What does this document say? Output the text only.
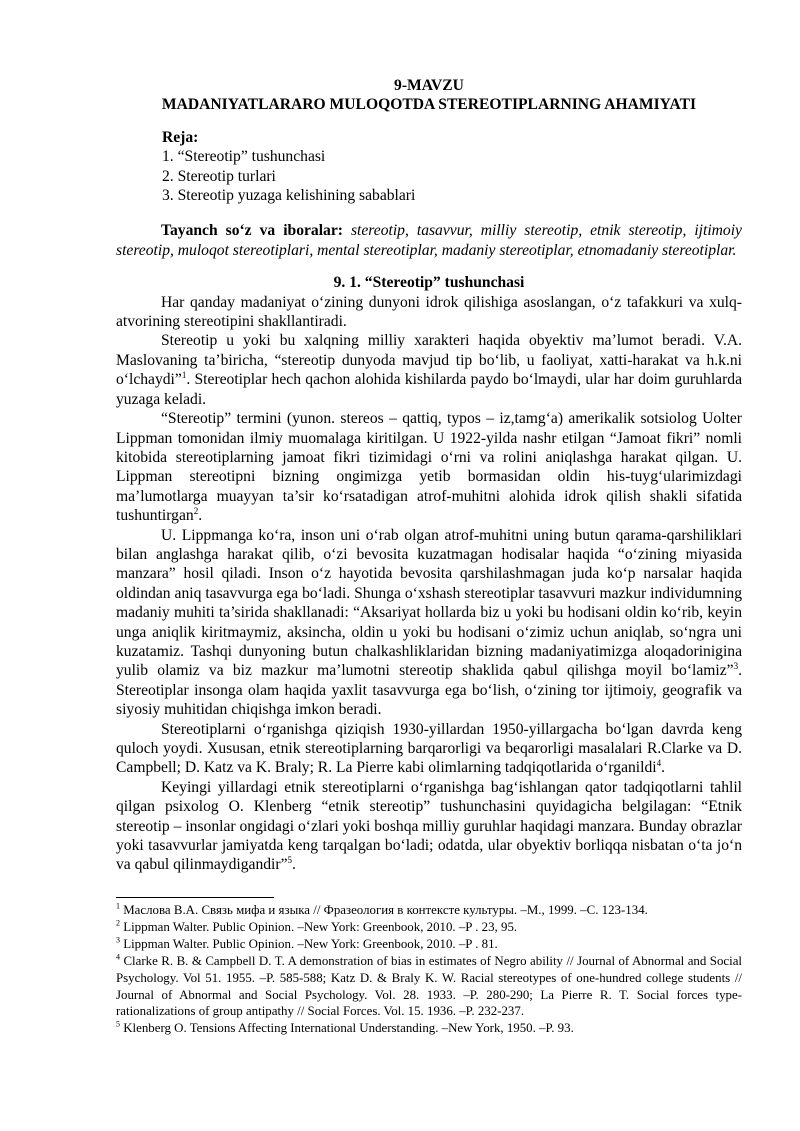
9-MAVZU

MADANIYATLARARO MULOQOTDA STEREOTIPLARNING AHAMIYATI

Reja:

1. “Stereotip” tushunchasi

2. Stereotip turlari

3. Stereotip yuzaga kelishining sabablari

Tayanch so‘z va iboralar: stereotip, tasavvur, milliy stereotip, etnik stereotip, ijtimoiy stereotip, muloqot stereotiplari, mental stereotiplar, madaniy stereotiplar, etnomadaniy stereotiplar.

9. 1. “Stereotip” tushunchasi

Har qanday madaniyat o‘zining dunyoni idrok qilishiga asoslangan, o‘z tafakkuri va xulq-atvorining stereotipini shakllantiradi.

Stereotip u yoki bu xalqning milliy xarakteri haqida obyektiv ma’lumot beradi. V.A. Maslovaning ta’biricha, “stereotip dunyoda mavjud tip bo‘lib, u faoliyat, xatti-harakat va h.k.ni o‘lchaydi”$^1$. Stereotiplar hech qachon alohida kishilarda paydo bo‘lmaydi, ular har doim guruhlarda yuzaga keladi.

“Stereotip” termini (yunon. stereos – qattiq, typos – iz,tamg‘a) amerikalik sotsiolog Uolter Lippman tomonidan ilmiy muomalaga kiritilgan. U 1922-yilda nashr etilgan “Jamoat fikri” nomli kitobida stereotiplarning jamoat fikri tizimidagi o‘rni va rolini aniqlashga harakat qilgan. U. Lippman stereotipni bizning ongimizga yetib bormasidan oldin his-tuyg‘ularimizdagi ma’lumotlarga muayyan ta’sir ko‘rsatadigan atrof-muhitni alohida idrok qilish shakli sifatida tushuntirgan$^2$.

U. Lippmanga ko‘ra, inson uni o‘rab olgan atrof-muhitni uning butun qarama-qarshiliklari bilan anglashga harakat qilib, o‘zi bevosita kuzatmagan hodisalar haqida “o‘zining miyasida manzara” hosil qiladi. Inson o‘z hayotida bevosita qarshilashmagan juda ko‘p narsalar haqida oldindan aniq tasavvurga ega bo‘ladi. Shunga o‘xshash stereotiplar tasavvuri mazkur individumning madaniy muhiti ta’sirida shakllanadi: “Aksariyat hollarda biz u yoki bu hodisani oldin ko‘rib, keyin unga aniqlik kiritmaymiz, aksincha, oldin u yoki bu hodisani o‘zimiz uchun aniqlab, so‘ngra uni kuzatamiz. Tashqi dunyoning butun chalkashliklaridan bizning madaniyatimizga aloqadorinigina yulib olamiz va biz mazkur ma’lumotni stereotip shaklida qabul qilishga moyil bo‘lamiz”$^3$. Stereotiplar insonga olam haqida yaxlit tasavvurga ega bo‘lish, o‘zining tor ijtimoiy, geografik va siyosiy muhitidan chiqishga imkon beradi.

Stereotiplarni o‘rganishga qiziqish 1930-yillardan 1950-yillargacha bo‘lgan davrda keng quloch yoydi. Xususan, etnik stereotiplarning barqarorligi va beqarorligi masalalari R.Clarke va D. Campbell; D. Katz va K. Braly; R. La Pierre kabi olimlarning tadqiqotlarida o‘rganildi$^4$.

Keyingi yillardagi etnik stereotiplarni o‘rganishga bag‘ishlangan qator tadqiqotlarni tahlil qilgan psixolog O. Klenberg “etnik stereotip” tushunchasini quyidagicha belgilagan: “Etnik stereotip – insonlar ongidagi o‘zlari yoki boshqa milliy guruhlar haqidagi manzara. Bunday obrazlar yoki tasavvurlar jamiyatda keng tarqalgan bo‘ladi; odatda, ular obyektiv borliqqa nisbatan o‘ta jo‘n va qabul qilinmaydigandir”$^5$.

$^1$ Маслова В.А. Связь мифа и языка // Фразеология в контексте культуры. –М., 1999. –С. 123-134.

$^2$ Lippman Walter. Public Opinion. –New York: Greenbook, 2010. –P . 23, 95.

$^3$ Lippman Walter. Public Opinion. –New York: Greenbook, 2010. –P . 81.

$^4$ Clarke R. B. & Campbell D. T. A demonstration of bias in estimates of Negro ability // Journal of Abnormal and Social Psychology. Vol 51. 1955. –P. 585-588; Katz D. & Braly K. W. Racial stereotypes of one-hundred college students // Journal of Abnormal and Social Psychology. Vol. 28. 1933. –P. 280-290; La Pierre R. T. Social forces type-rationalizations of group antipathy // Social Forces. Vol. 15. 1936. –P. 232-237.

$^5$ Klenberg O. Tensions Affecting International Understanding. –New York, 1950. –P. 93.
